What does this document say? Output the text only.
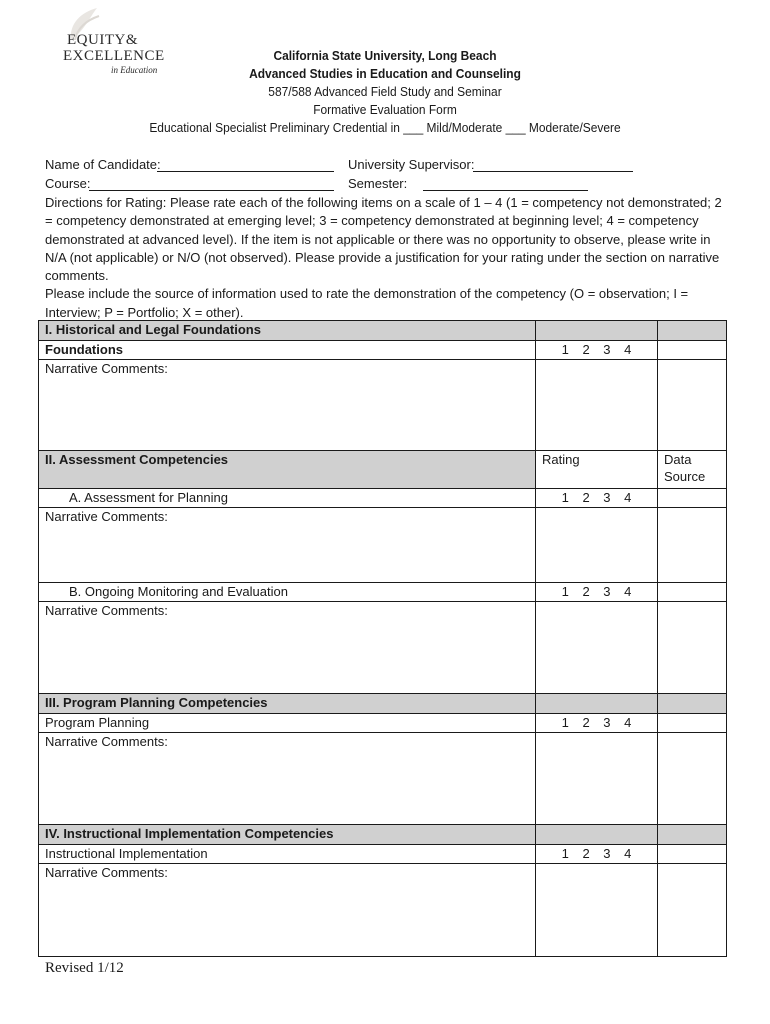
EQUITY&
EXCELLENCE
in Education
California State University, Long Beach
Advanced Studies in Education and Counseling
587/588 Advanced Field Study and Seminar
Formative Evaluation Form
Educational Specialist Preliminary Credential in ___ Mild/Moderate ___ Moderate/Severe
Name of Candidate:	University Supervisor:
Course:	Semester:

Directions for Rating: Please rate each of the following items on a scale of 1 – 4 (1 = competency not demonstrated; 2 = competency demonstrated at emerging level; 3 = competency demonstrated at beginning level; 4 = competency demonstrated at advanced level). If the item is not applicable or there was no opportunity to observe, please write in N/A (not applicable) or N/O (not observed). Please provide a justification for your rating under the section on narrative comments.

Please include the source of information used to rate the demonstration of the competency (O = observation; I = Interview; P = Portfolio; X = other).

I. Historical and Legal Foundations		
Foundations	1 2 3 4	
Narrative Comments:		
II. Assessment Competencies	Rating	Data
Source

A. Assessment for Planning	1 2 3 4	
Narrative Comments:		
B. Ongoing Monitoring and Evaluation	1 2 3 4	
Narrative Comments:		
III. Program Planning Competencies		
Program Planning	1 2 3 4	
Narrative Comments:		
IV. Instructional Implementation Competencies		
Instructional Implementation	1 2 3 4	
Narrative Comments:		
Revised 1/12
